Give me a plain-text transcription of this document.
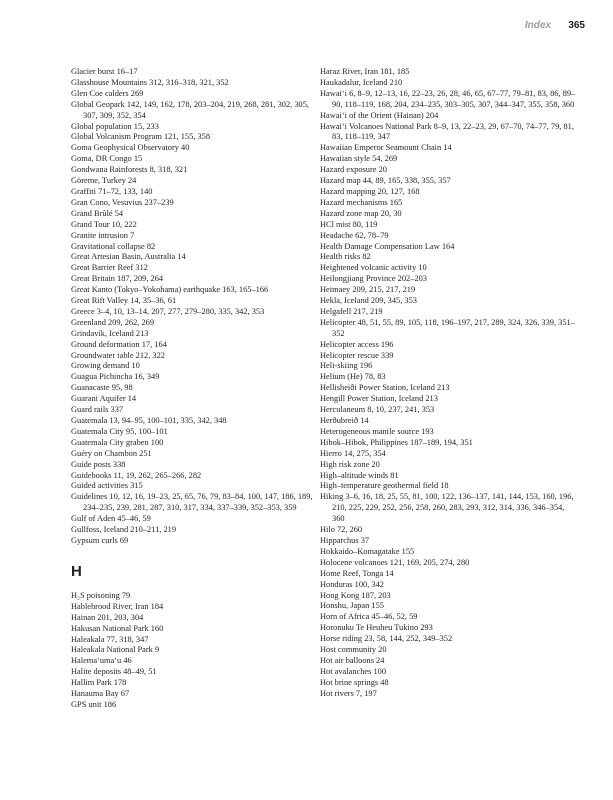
Index 365
Glacier burst 16–17
Glasshouse Mountains 312, 316–318, 321, 352
Glen Coe calders 269
Global Geopark 142, 149, 162, 178, 203–204, 219, 268, 281, 302, 305, 307, 309, 352, 354
Global population 15, 233
Global Volcanism Program 121, 155, 358
Goma Geophysical Observatory 40
Goma, DR Congo 15
Gondwana Rainforests 8, 318, 321
Göreme, Turkey 24
Graffiti 71–72, 133, 140
Gran Cono, Vesuvius 237–239
Grand Brûlé 54
Grand Tour 10, 222
Granite intrusion 7
Gravitational collapse 82
Great Artesian Basin, Australia 14
Great Barrier Reef 312
Great Britain 187, 209, 264
Great Kanto (Tokyo–Yokohama) earthquake 163, 165–166
Great Rift Valley 14, 35–36, 61
Greece 3–4, 10, 13–14, 207, 277, 279–280, 335, 342, 353
Greenland 209, 262, 269
Grindavík, Iceland 213
Ground deformation 17, 164
Groundwater table 212, 322
Growing demand 10
Guagua Pichincha 16, 349
Guanacaste 95, 98
Guarani Aquifer 14
Guard rails 337
Guatemala 13, 94–95, 100–101, 335, 342, 348
Guatemala City 95, 100–101
Guatemala City graben 100
Guéry on Chambon 251
Guide posts 338
Guidebooks 11, 19, 262, 265–266, 282
Guided activities 315
Guidelines 10, 12, 16, 19–23, 25, 65, 76, 79, 83–84, 100, 147, 186, 189, 234–235, 239, 281, 287, 310, 317, 334, 337–339, 352–353, 359
Gulf of Aden 45–46, 59
Gullfoss, Iceland 210–211, 219
Gypsum curls 69
H
H₂S poisoning 79
Hablehrood River, Iran 184
Hainan 201, 203, 304
Hakusan National Park 160
Haleakala 77, 318, 347
Haleakala National Park 9
Halema‘uma‘u 46
Halite deposits 48–49, 51
Hallim Park 178
Hanauma Bay 67
GPS unit 186
Haraz River, Iran 181, 185
Haukadalur, Iceland 210
Hawai‘i 6, 8–9, 12–13, 16, 22–23, 26, 28, 46, 65, 67–77, 79–81, 83, 86, 89–90, 118–119, 168, 204, 234–235, 303–305, 307, 344–347, 355, 358, 360
Hawai‘i of the Orient (Hainan) 204
Hawai‘i Volcanoes National Park 8–9, 13, 22–23, 29, 67–70, 74–77, 79, 81, 83, 118–119, 347
Hawaiian Emperor Seamount Chain 14
Hawaiian style 54, 269
Hazard exposure 20
Hazard map 44, 89, 165, 338, 355, 357
Hazard mapping 20, 127, 168
Hazard mechanisms 165
Hazard zone map 20, 30
HCl mist 80, 119
Headache 62, 78–79
Health Damage Compensation Law 164
Health risks 82
Heightened volcanic activity 10
Heilongjiang Province 202–203
Heimaey 209, 215, 217, 219
Hekla, Iceland 209, 345, 353
Helgafell 217, 219
Helicopter 48, 51, 55, 89, 105, 118, 196–197, 217, 289, 324, 326, 339, 351–352
Helicopter access 196
Helicopter rescue 339
Heli-skiing 196
Helium (He) 78, 83
Hellisheiði Power Station, Iceland 213
Hengill Power Station, Iceland 213
Herculaneum 8, 10, 237, 241, 353
Herðubreið 14
Heterogeneous mantle source 193
Hibok–Hibok, Philippines 187–189, 194, 351
Hierro 14, 275, 354
High risk zone 20
High–altitude winds 81
High–temperature geothermal field 18
Hiking 3–6, 16, 18, 25, 55, 81, 100, 122, 136–137, 141, 144, 153, 160, 196, 210, 225, 229, 252, 256, 258, 260, 283, 293, 312, 314, 336, 346–354, 360
Hilo 72, 260
Hipparchus 37
Hokkaido–Komagatake 155
Holocene volcanoes 121, 169, 205, 274, 280
Home Reef, Tonga 14
Honduras 100, 342
Hong Kong 187, 203
Honshu, Japan 155
Horn of Africa 45–46, 52, 59
Horonuku Te Heuheu Tukino 293
Horse riding 23, 58, 144, 252, 349–352
Host community 20
Hot air balloons 24
Hot avalanches 100
Hot brine springs 48
Hot rivers 7, 197
